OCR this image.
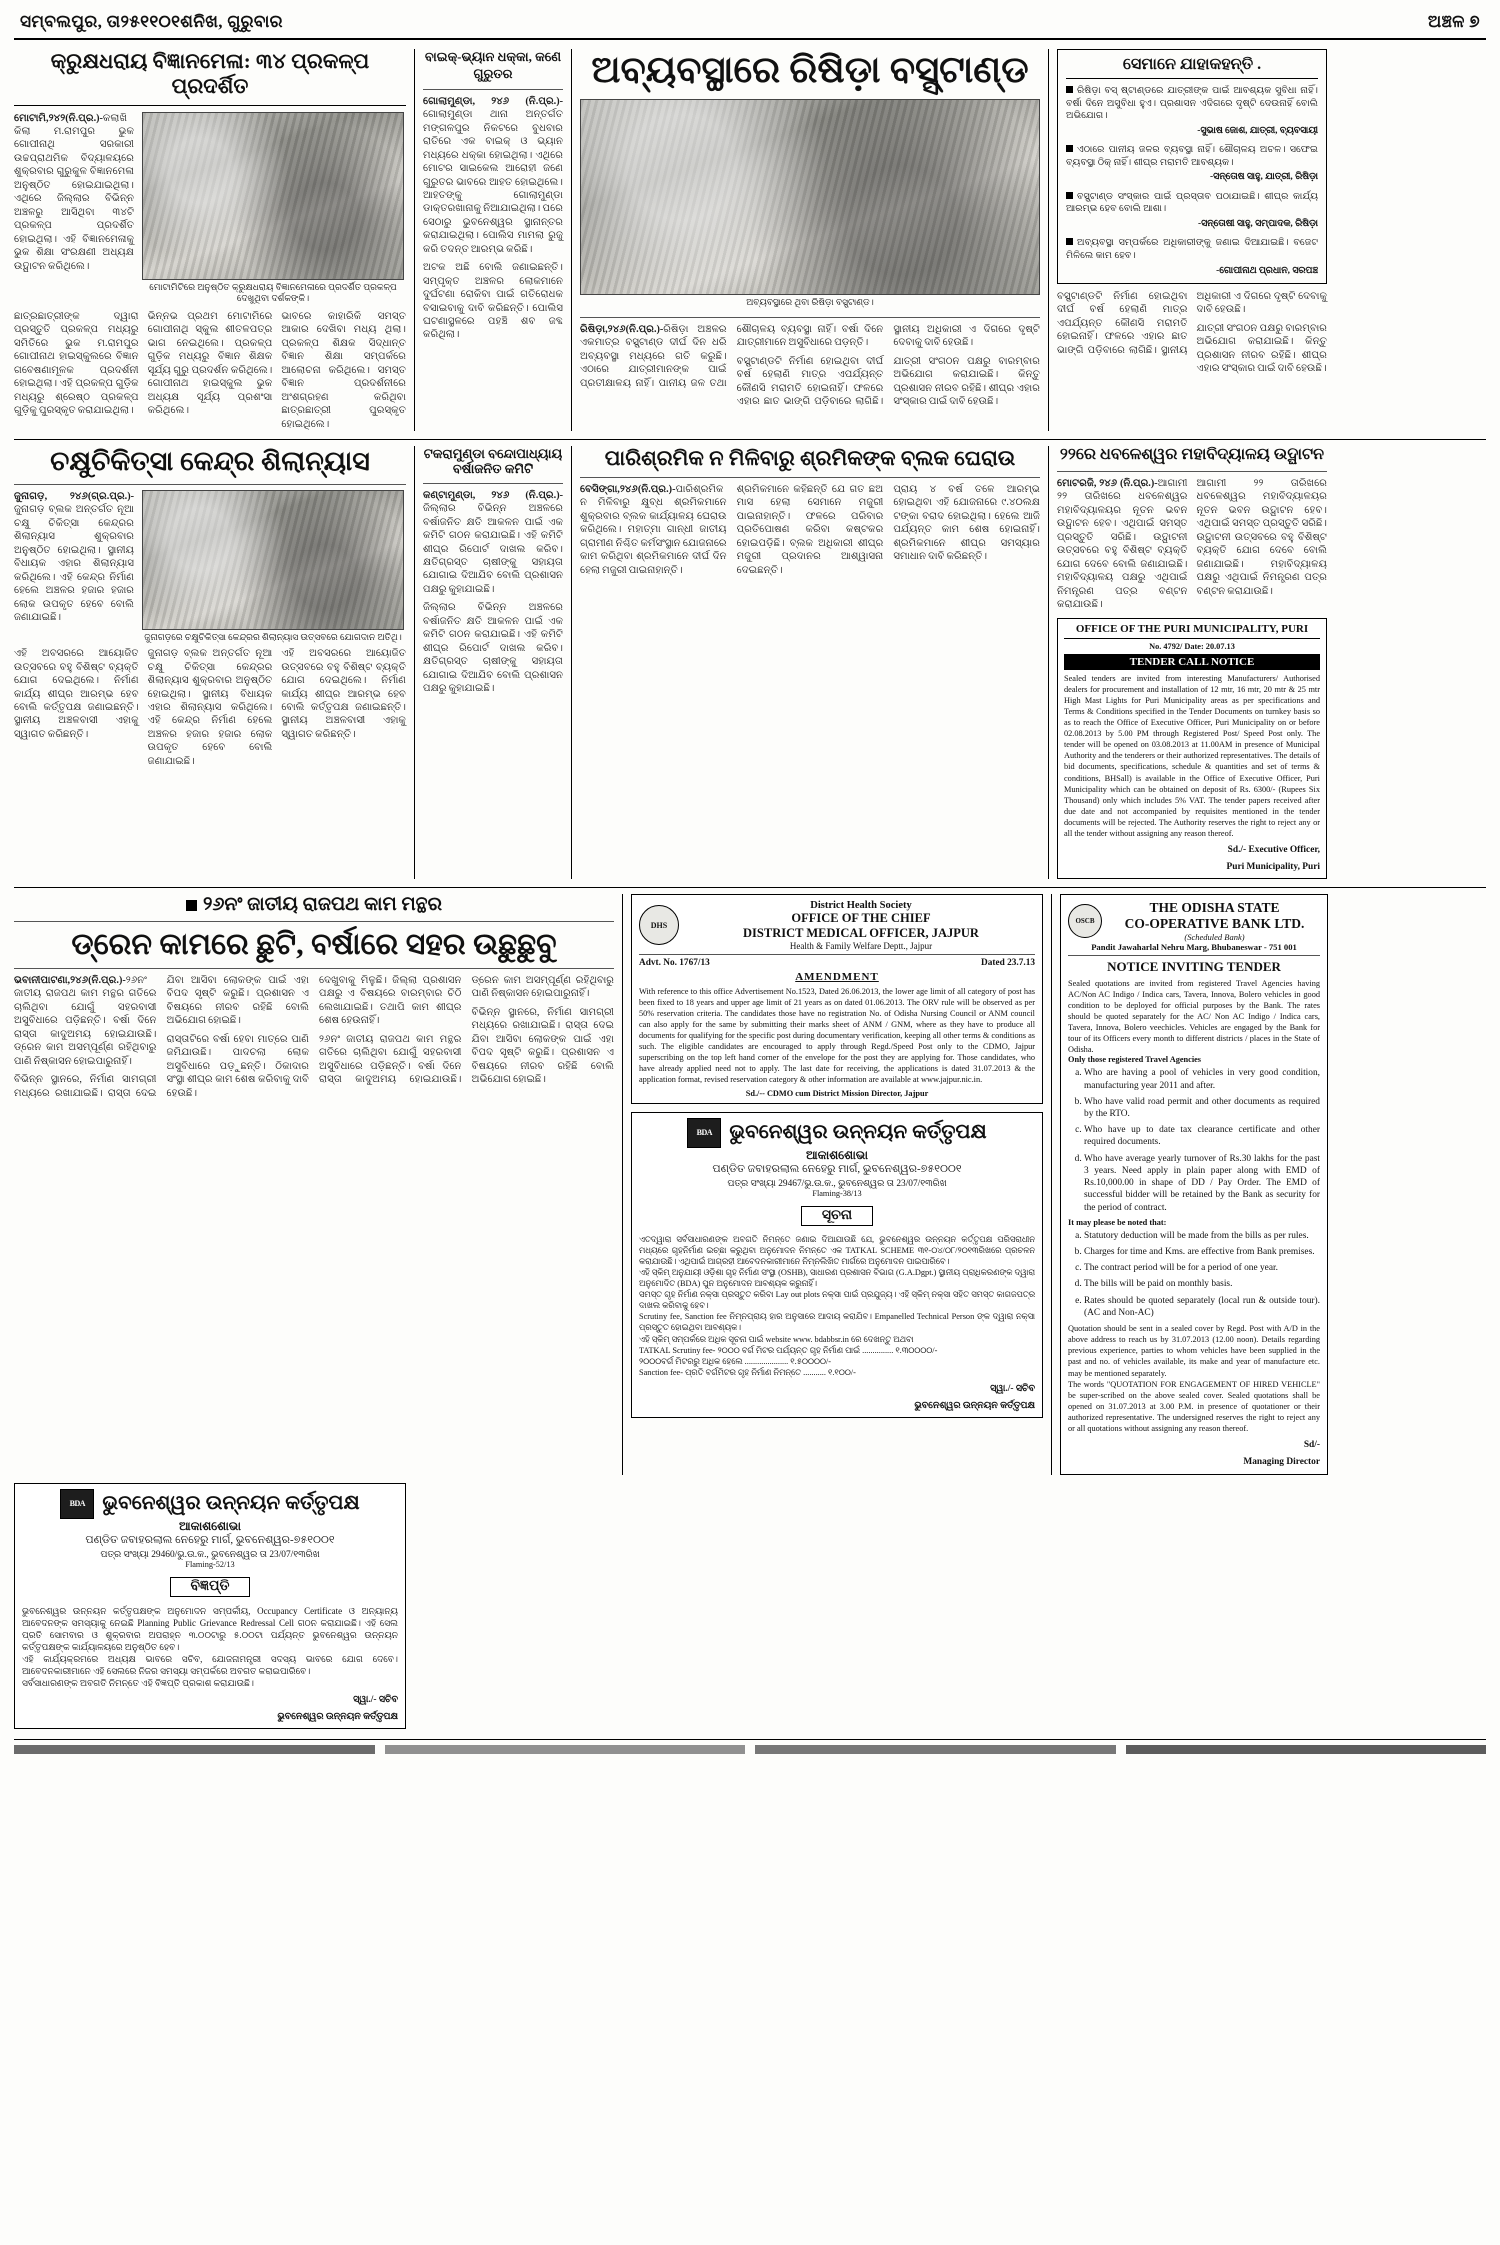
ସମ୍ବଲପୁର, ତା୨୫୧୧୦୧ଶନିଖ, ଗୁରୁବାର	ଅଞ୍ଚଳ ୭
କ୍ରୁକ୍ଷଧରାୟ ବିଜ୍ଞାନମେଳା: ୩୪ ପ୍ରକଳ୍ପ ପ୍ରଦର୍ଶିତ

ମୋଟାମି,୨୪୨(ନି.ପ୍ର.)-କଲାଖି କିଲା ମ.ରାମପୁର ଭୁକ ଗୋପୀନାଥି ସରକାରୀ ଉଚ୍ଚପ୍ରାଥମିକ ବିଦ୍ୟାଳୟରେ ଶୁକ୍ରବାର ଗୁରୁକୁଳ ବିଜ୍ଞାନମେଳା ଅନୁଷ୍ଠିତ ହୋଇଯାଇଥିଲା। ଏଥିରେ ଜିଲ୍ଲାର ବିଭିନ୍ନ ଅଞ୍ଚଳରୁ ଆସିଥିବା ୩୪ଟି ପ୍ରକଳ୍ପ ପ୍ରଦର୍ଶିତ ହୋଇଥିଲା। ଏହି ବିଜ୍ଞାନମେଳାକୁ ଭୁକ ଶିକ୍ଷା ସଂରକ୍ଷଣୀ ଅଧ୍ୟକ୍ଷ ଉଦ୍ଘାଟନ କରିଥିଲେ।

ମୋଟାମିଟିରେ ଅନୁଷ୍ଠିତ କ୍ରୁକ୍ଷଧରାୟ ବିଜ୍ଞାନମେଳାରେ ପ୍ରଦର୍ଶିତ ପ୍ରକଳ୍ପ ଦେଖୁଥିବା ଦର୍ଶକଙ୍କି।

ଛାତ୍ରଛାତ୍ରୀଙ୍କ ଦ୍ୱାରା ପ୍ରସ୍ତୁତି ପ୍ରକଳ୍ପ ମଧ୍ୟରୁ ସମିତିରେ ଭୁକ ମ.ରାମପୁର ଗୋପୀନାଥ ହାଇସ୍କୁଲରେ ବିଜ୍ଞାନ ଗବେଷଣାମୂଳକ ପ୍ରଦର୍ଶନୀ ହୋଇଥିଲା। ଏହି ପ୍ରକଳ୍ପ ଗୁଡ଼ିକ ମଧ୍ୟରୁ ଶ୍ରେଷ୍ଠ ପ୍ରକଳ୍ପ ଗୁଡ଼ିକୁ ପୁରସ୍କୃତ କରାଯାଇଥିଲା।

ଭିନ୍ନଭ ପ୍ରଥମ ମୋଟାମିରେ ଗୋପୀନାଥି ସ୍କୁଲ ଶୀତଳପତ୍ର ଭାଗ ନେଇଥିଲେ। ପ୍ରକଳ୍ପ ଗୁଡ଼ିକ ମଧ୍ୟରୁ ବିଜ୍ଞାନ ଶିକ୍ଷକ ସୂର୍ଯ୍ୟ ଗୁରୁ ପ୍ରଦର୍ଶନ କରିଥିଲେ। ଗୋପୀନାଥ ହାଇସ୍କୁଲ ଭୁକ ଅଧ୍ୟକ୍ଷ ସୂର୍ଯ୍ୟ ପ୍ରଶଂସା କରିଥିଲେ।

ଭାବରେ କାହାରିକି ସମସ୍ତ ଆକାର ଦେଖିବା ମଧ୍ୟ ଥିଲା। ପ୍ରକଳ୍ପ ଶିକ୍ଷକ ସିଦ୍ଧାନ୍ତ ବିଜ୍ଞାନ ଶିକ୍ଷା ସମ୍ପର୍କରେ ଆଲୋଚନା କରିଥିଲେ। ସମସ୍ତ ବିଜ୍ଞାନ ପ୍ରଦର୍ଶନୀରେ ଅଂଶଗ୍ରହଣ କରିଥିବା ଛାତ୍ରଛାତ୍ରୀ ପୁରସ୍କୃତ ହୋଇଥିଲେ।

ବାଇକ୍-ଭ୍ୟାନ ଧକ୍କା, କଣେ ଗୁରୁତର

ଗୋଲାମୁଣ୍ଡା, ୨୪୬ (ନି.ପ୍ର.)-ଗୋଲାମୁଣ୍ଡା ଥାନା ଅନ୍ତର୍ଗତ ମଙ୍ଗଳପୁର ନିକଟରେ ବୁଧବାର ରାତିରେ ଏକ ବାଇକ୍ ଓ ଭ୍ୟାନ ମଧ୍ୟରେ ଧକ୍କା ହୋଇଥିଲା। ଏଥିରେ ମୋଟର ସାଇକେଲ ଆରୋହୀ ଜଣେ ଗୁରୁତର ଭାବରେ ଆହତ ହୋଇଥିଲେ। ଆହତଙ୍କୁ ଗୋଲାମୁଣ୍ଡା ଡାକ୍ତରଖାନାକୁ ନିଆଯାଇଥିଲା। ପରେ ସେଠାରୁ ଭୁବନେଶ୍ୱର ସ୍ଥାନାନ୍ତର କରାଯାଇଥିଲା। ପୋଲିସ ମାମଲା ରୁଜୁ କରି ତଦନ୍ତ ଆରମ୍ଭ କରିଛି।

ଅଟକ ଅଛି ବୋଲି ଜଣାଇଛନ୍ତି। ସମ୍ପୃକ୍ତ ଅଞ୍ଚଳର ଲୋକମାନେ ଦୁର୍ଘଟଣା ରୋକିବା ପାଇଁ ଗତିରୋଧକ ବସାଇବାକୁ ଦାବି କରିଛନ୍ତି। ପୋଲିସ ଘଟଣାସ୍ଥଳରେ ପହଞ୍ଚି ଶବ ଜବ୍ଦ କରିଥିଲା।

ଅବ୍ୟବସ୍ଥାରେ ରିଷିଡ଼ା ବସ୍ସ୍ଟାଣ୍ଡ
ଅବ୍ୟବସ୍ଥାରେ ଥିବା ରିଷିଡ଼ା ବସ୍ସ୍ଟାଣ୍ଡ।

ରିଷିଡ଼ା,୨୪୬(ନି.ପ୍ର.)-ରିଷିଡ଼ା ଅଞ୍ଚଳର ଏକମାତ୍ର ବସ୍ସ୍ଟାଣ୍ଡ ଦୀର୍ଘ ଦିନ ଧରି ଅବ୍ୟବସ୍ଥା ମଧ୍ୟରେ ଗତି କରୁଛି। ଏଠାରେ ଯାତ୍ରୀମାନଙ୍କ ପାଇଁ ପ୍ରତୀକ୍ଷାଳୟ ନାହିଁ। ପାନୀୟ ଜଳ ତଥା ଶୌଚାଳୟ ବ୍ୟବସ୍ଥା ନାହିଁ। ବର୍ଷା ଦିନେ ଯାତ୍ରୀମାନେ ଅସୁବିଧାରେ ପଡ଼ନ୍ତି।

ବସ୍ସ୍ଟାଣ୍ଡଟି ନିର୍ମାଣ ହୋଇଥିବା ଦୀର୍ଘ ବର୍ଷ ହେଲାଣି ମାତ୍ର ଏପର୍ଯ୍ୟନ୍ତ କୌଣସି ମରାମତି ହୋଇନାହିଁ। ଫଳରେ ଏହାର ଛାତ ଭାଙ୍ଗି ପଡ଼ିବାରେ ଲାଗିଛି। ସ୍ଥାନୀୟ ଅଧିକାରୀ ଏ ଦିଗରେ ଦୃଷ୍ଟି ଦେବାକୁ ଦାବି ହେଉଛି।

ଯାତ୍ରୀ ସଂଗଠନ ପକ୍ଷରୁ ବାରମ୍ବାର ଅଭିଯୋଗ କରାଯାଇଛି। କିନ୍ତୁ ପ୍ରଶାସନ ନୀରବ ରହିଛି। ଶୀଘ୍ର ଏହାର ସଂସ୍କାର ପାଇଁ ଦାବି ହେଉଛି।

ସେମାନେ ଯାହାକହନ୍ତି .
ରିଷିଡ଼ା ବସ୍ ଷ୍ଟାଣ୍ଡରେ ଯାତ୍ରୀଙ୍କ ପାଇଁ ଆବଶ୍ୟକ ସୁବିଧା ନାହିଁ। ବର୍ଷା ଦିନେ ଅସୁବିଧା ହୁଏ। ପ୍ରଶାସନ ଏଦିଗରେ ଦୃଷ୍ଟି ଦେଉନାହିଁ ବୋଲି ଅଭିଯୋଗ।
-ସୁଭାଷ ଜୋଶ, ଯାତ୍ରୀ, ବ୍ୟବସାୟୀ
ଏଠାରେ ପାନୀୟ ଜଳର ବ୍ୟବସ୍ଥା ନାହିଁ। ଶୌଚାଳୟ ଅଚଳ। ସଫେଇ ବ୍ୟବସ୍ଥା ଠିକ୍ ନାହିଁ। ଶୀଘ୍ର ମରାମତି ଆବଶ୍ୟକ।
-ସନ୍ତୋଷ ସାହୁ, ଯାତ୍ରୀ, ରିଷିଡ଼ା
ବସ୍ସ୍ଟାଣ୍ଡ ସଂସ୍କାର ପାଇଁ ପ୍ରସ୍ତାବ ପଠାଯାଇଛି। ଶୀଘ୍ର କାର୍ଯ୍ୟ ଆରମ୍ଭ ହେବ ବୋଲି ଆଶା।
-ସନ୍ତୋଷୀ ସାହୁ, ସମ୍ପାଦକ, ରିଷିଡ଼ା
ଅବ୍ୟବସ୍ଥା ସମ୍ପର୍କରେ ଅଧିକାରୀଙ୍କୁ ଜଣାଇ ଦିଆଯାଇଛି। ବଜେଟ ମିଳିଲେ କାମ ହେବ।
-ଗୋପୀନାଥ ପ୍ରଧାନ, ସରପଞ୍ଚ

ବସ୍ସ୍ଟାଣ୍ଡଟି ନିର୍ମାଣ ହୋଇଥିବା ଦୀର୍ଘ ବର୍ଷ ହେଲାଣି ମାତ୍ର ଏପର୍ଯ୍ୟନ୍ତ କୌଣସି ମରାମତି ହୋଇନାହିଁ। ଫଳରେ ଏହାର ଛାତ ଭାଙ୍ଗି ପଡ଼ିବାରେ ଲାଗିଛି। ସ୍ଥାନୀୟ ଅଧିକାରୀ ଏ ଦିଗରେ ଦୃଷ୍ଟି ଦେବାକୁ ଦାବି ହେଉଛି।

ଯାତ୍ରୀ ସଂଗଠନ ପକ୍ଷରୁ ବାରମ୍ବାର ଅଭିଯୋଗ କରାଯାଇଛି। କିନ୍ତୁ ପ୍ରଶାସନ ନୀରବ ରହିଛି। ଶୀଘ୍ର ଏହାର ସଂସ୍କାର ପାଇଁ ଦାବି ହେଉଛି।

ଚକ୍ଷୁଚିକିତ୍ସା କେନ୍ଦ୍ର ଶିଲାନ୍ୟାସ

ଜୁନାଗଡ଼, ୨୪୬(ଗ୍ର.ପ୍ର.)-ଜୁନାଗଡ଼ ବ୍ଲକ ଅନ୍ତର୍ଗତ ନୂଆ ଚକ୍ଷୁ ଚିକିତ୍ସା କେନ୍ଦ୍ରର ଶିଲାନ୍ୟାସ ଶୁକ୍ରବାର ଅନୁଷ୍ଠିତ ହୋଇଥିଲା। ସ୍ଥାନୀୟ ବିଧାୟକ ଏହାର ଶିଲାନ୍ୟାସ କରିଥିଲେ। ଏହି କେନ୍ଦ୍ର ନିର୍ମାଣ ହେଲେ ଅଞ୍ଚଳର ହଜାର ହଜାର ଲୋକ ଉପକୃତ ହେବେ ବୋଲି ଜଣାଯାଇଛି।

ଜୁନାଗଡ଼ରେ ଚକ୍ଷୁଚିକିତ୍ସା କେନ୍ଦ୍ରର ଶିଲାନ୍ୟାସ ଉତ୍ସବରେ ଯୋଗଦାନ ଅତିଥି।

ଏହି ଅବସରରେ ଆୟୋଜିତ ଉତ୍ସବରେ ବହୁ ବିଶିଷ୍ଟ ବ୍ୟକ୍ତି ଯୋଗ ଦେଇଥିଲେ। ନିର୍ମାଣ କାର୍ଯ୍ୟ ଶୀଘ୍ର ଆରମ୍ଭ ହେବ ବୋଲି କର୍ତ୍ତୃପକ୍ଷ ଜଣାଇଛନ୍ତି। ସ୍ଥାନୀୟ ଅଞ୍ଚଳବାସୀ ଏହାକୁ ସ୍ୱାଗତ କରିଛନ୍ତି।

ଜୁନାଗଡ଼ ବ୍ଲକ ଅନ୍ତର୍ଗତ ନୂଆ ଚକ୍ଷୁ ଚିକିତ୍ସା କେନ୍ଦ୍ରର ଶିଲାନ୍ୟାସ ଶୁକ୍ରବାର ଅନୁଷ୍ଠିତ ହୋଇଥିଲା। ସ୍ଥାନୀୟ ବିଧାୟକ ଏହାର ଶିଲାନ୍ୟାସ କରିଥିଲେ। ଏହି କେନ୍ଦ୍ର ନିର୍ମାଣ ହେଲେ ଅଞ୍ଚଳର ହଜାର ହଜାର ଲୋକ ଉପକୃତ ହେବେ ବୋଲି ଜଣାଯାଇଛି।

ଏହି ଅବସରରେ ଆୟୋଜିତ ଉତ୍ସବରେ ବହୁ ବିଶିଷ୍ଟ ବ୍ୟକ୍ତି ଯୋଗ ଦେଇଥିଲେ। ନିର୍ମାଣ କାର୍ଯ୍ୟ ଶୀଘ୍ର ଆରମ୍ଭ ହେବ ବୋଲି କର୍ତ୍ତୃପକ୍ଷ ଜଣାଇଛନ୍ତି। ସ୍ଥାନୀୟ ଅଞ୍ଚଳବାସୀ ଏହାକୁ ସ୍ୱାଗତ କରିଛନ୍ତି।

ଟକରାମୁଣ୍ଡା ବନ୍ଦୋପାଧ୍ୟାୟ ବର୍ଷାଜନିତ କମିଟି

କଣ୍ଟାମୁଣ୍ଡା, ୨୪୬ (ନି.ପ୍ର.)-ଜିଲ୍ଲାର ବିଭିନ୍ନ ଅଞ୍ଚଳରେ ବର୍ଷାଜନିତ କ୍ଷତି ଆକଳନ ପାଇଁ ଏକ କମିଟି ଗଠନ କରାଯାଇଛି। ଏହି କମିଟି ଶୀଘ୍ର ରିପୋର୍ଟ ଦାଖଲ କରିବ। କ୍ଷତିଗ୍ରସ୍ତ ଚାଷୀଙ୍କୁ ସହାୟତା ଯୋଗାଇ ଦିଆଯିବ ବୋଲି ପ୍ରଶାସନ ପକ୍ଷରୁ କୁହାଯାଇଛି।

ଜିଲ୍ଲାର ବିଭିନ୍ନ ଅଞ୍ଚଳରେ ବର୍ଷାଜନିତ କ୍ଷତି ଆକଳନ ପାଇଁ ଏକ କମିଟି ଗଠନ କରାଯାଇଛି। ଏହି କମିଟି ଶୀଘ୍ର ରିପୋର୍ଟ ଦାଖଲ କରିବ। କ୍ଷତିଗ୍ରସ୍ତ ଚାଷୀଙ୍କୁ ସହାୟତା ଯୋଗାଇ ଦିଆଯିବ ବୋଲି ପ୍ରଶାସନ ପକ୍ଷରୁ କୁହାଯାଇଛି।

ପାରିଶ୍ରମିକ ନ ମିଳିବାରୁ ଶ୍ରମିକଙ୍କ ବ୍ଲକ ଘେରାଉ

ବେସିଙ୍ଗା,୨୪୬(ନି.ପ୍ର.)-ପାରିଶ୍ରମିକ ନ ମିଳିବାରୁ କ୍ଷୁବ୍ଧ ଶ୍ରମିକମାନେ ଶୁକ୍ରବାର ବ୍ଲକ କାର୍ଯ୍ୟାଳୟ ଘେରାଉ କରିଥିଲେ। ମହାତ୍ମା ଗାନ୍ଧୀ ଜାତୀୟ ଗ୍ରାମୀଣ ନିଶ୍ଚିତ କର୍ମସଂସ୍ଥାନ ଯୋଜନାରେ କାମ କରିଥିବା ଶ୍ରମିକମାନେ ଦୀର୍ଘ ଦିନ ହେଲା ମଜୁରୀ ପାଇନାହାନ୍ତି।

ଶ୍ରମିକମାନେ କହିଛନ୍ତି ଯେ ଗତ ଛଅ ମାସ ହେଲା ସେମାନେ ମଜୁରୀ ପାଇନାହାନ୍ତି। ଫଳରେ ପରିବାର ପ୍ରତିପୋଷଣ କରିବା କଷ୍ଟକର ହୋଇପଡ଼ିଛି। ବ୍ଲକ ଅଧିକାରୀ ଶୀଘ୍ର ମଜୁରୀ ପ୍ରଦାନର ଆଶ୍ୱାସନା ଦେଇଛନ୍ତି।

ପ୍ରାୟ ୪ ବର୍ଷ ତଳେ ଆରମ୍ଭ ହୋଇଥିବା ଏହି ଯୋଜନାରେ ୯.୪୦ଲକ୍ଷ ଟଙ୍କା ବରାଦ ହୋଇଥିଲା। ହେଲେ ଆଜି ପର୍ଯ୍ୟନ୍ତ କାମ ଶେଷ ହୋଇନାହିଁ। ଶ୍ରମିକମାନେ ଶୀଘ୍ର ସମସ୍ୟାର ସମାଧାନ ଦାବି କରିଛନ୍ତି।

୨୨ରେ ଧବଳେଶ୍ୱର ମହାବିଦ୍ୟାଳୟ ଉଦ୍ଘାଟନ

ମୋଟରଜି, ୨୪୬ (ନି.ପ୍ର.)-ଆଗାମୀ ୨୨ ତାରିଖରେ ଧବଳେଶ୍ୱର ମହାବିଦ୍ୟାଳୟର ନୂତନ ଭବନ ଉଦ୍ଘାଟନ ହେବ। ଏଥିପାଇଁ ସମସ୍ତ ପ୍ରସ୍ତୁତି ସରିଛି। ଉଦ୍ଘାଟନୀ ଉତ୍ସବରେ ବହୁ ବିଶିଷ୍ଟ ବ୍ୟକ୍ତି ଯୋଗ ଦେବେ ବୋଲି ଜଣାଯାଇଛି। ମହାବିଦ୍ୟାଳୟ ପକ୍ଷରୁ ଏଥିପାଇଁ ନିମନ୍ତ୍ରଣ ପତ୍ର ବଣ୍ଟନ କରାଯାଉଛି।

ଆଗାମୀ ୨୨ ତାରିଖରେ ଧବଳେଶ୍ୱର ମହାବିଦ୍ୟାଳୟର ନୂତନ ଭବନ ଉଦ୍ଘାଟନ ହେବ। ଏଥିପାଇଁ ସମସ୍ତ ପ୍ରସ୍ତୁତି ସରିଛି। ଉଦ୍ଘାଟନୀ ଉତ୍ସବରେ ବହୁ ବିଶିଷ୍ଟ ବ୍ୟକ୍ତି ଯୋଗ ଦେବେ ବୋଲି ଜଣାଯାଇଛି। ମହାବିଦ୍ୟାଳୟ ପକ୍ଷରୁ ଏଥିପାଇଁ ନିମନ୍ତ୍ରଣ ପତ୍ର ବଣ୍ଟନ କରାଯାଉଛି।

OFFICE OF THE PURI MUNICIPALITY, PURI
No. 4792/ Date: 20.07.13
TENDER CALL NOTICE
Sealed tenders are invited from interesting Manufacturers/ Authorised dealers for procurement and installation of 12 mtr, 16 mtr, 20 mtr & 25 mtr High Mast Lights for Puri Municipality areas as per specifications and Terms & Conditions specified in the Tender Documents on turnkey basis so as to reach the Office of Executive Officer, Puri Municipality on or before 02.08.2013 by 5.00 PM through Registered Post/ Speed Post only. The tender will be opened on 03.08.2013 at 11.00AM in presence of Municipal Authority and the tenderers or their authorized representatives. The details of bid documents, specifications, schedule & quantities and set of terms & conditions, BHSall) is available in the Office of Executive Officer, Puri Municipality which can be obtained on deposit of Rs. 6300/- (Rupees Six Thousand) only which includes 5% VAT. The tender papers received after due date and not accompanied by requisites mentioned in the tender documents will be rejected. The Authority reserves the right to reject any or all the tender without assigning any reason thereof.
Sd./- Executive Officer,
Puri Municipality, Puri
୨୬ନଂ ଜାତୀୟ ରାଜପଥ କାମ ମନ୍ଥର
ଡ୍ରେନ କାମରେ ଛୁଟି, ବର୍ଷାରେ ସହର ଉଛୁଛୁବୁ

ଭବାନୀପାଟଣା,୨୪୬(ନି.ପ୍ର.)-୨୬ନଂ ଜାତୀୟ ରାଜପଥ କାମ ମନ୍ଥର ଗତିରେ ଚାଲିଥିବା ଯୋଗୁଁ ସହରବାସୀ ଅସୁବିଧାରେ ପଡ଼ିଛନ୍ତି। ବର୍ଷା ଦିନେ ରାସ୍ତା କାଦୁଅମୟ ହୋଇଯାଉଛି। ଡ୍ରେନ କାମ ଅସମ୍ପୂର୍ଣ୍ଣ ରହିଥିବାରୁ ପାଣି ନିଷ୍କାସନ ହୋଇପାରୁନାହିଁ।

ବିଭିନ୍ନ ସ୍ଥାନରେ, ନିର୍ମାଣ ସାମଗ୍ରୀ ମଧ୍ୟରେ ରଖାଯାଇଛି। ରାସ୍ତା ଦେଇ ଯିବା ଆସିବା ଲୋକଙ୍କ ପାଇଁ ଏହା ବିପଦ ସୃଷ୍ଟି କରୁଛି। ପ୍ରଶାସନ ଏ ବିଷୟରେ ନୀରବ ରହିଛି ବୋଲି ଅଭିଯୋଗ ହୋଇଛି।

ରାସ୍ତାଟିରେ ବର୍ଷା ହେବା ମାତ୍ରେ ପାଣି ଜମିଯାଉଛି। ପାଦଚଲା ଲୋକ ଅସୁବିଧାରେ ପଡ଼ୁଛନ୍ତି। ଠିକାଦାର ସଂସ୍ଥା ଶୀଘ୍ର କାମ ଶେଷ କରିବାକୁ ଦାବି ହେଉଛି।

ଦେଖୁବାକୁ ମିଳୁଛି। ଜିଲ୍ଲା ପ୍ରଶାସନ ପକ୍ଷରୁ ଏ ବିଷୟରେ ବାରମ୍ବାର ଚିଠି ଲେଖାଯାଇଛି। ତଥାପି କାମ ଶୀଘ୍ର ଶେଷ ହେଉନାହିଁ।

୨୬ନଂ ଜାତୀୟ ରାଜପଥ କାମ ମନ୍ଥର ଗତିରେ ଚାଲିଥିବା ଯୋଗୁଁ ସହରବାସୀ ଅସୁବିଧାରେ ପଡ଼ିଛନ୍ତି। ବର୍ଷା ଦିନେ ରାସ୍ତା କାଦୁଅମୟ ହୋଇଯାଉଛି। ଡ୍ରେନ କାମ ଅସମ୍ପୂର୍ଣ୍ଣ ରହିଥିବାରୁ ପାଣି ନିଷ୍କାସନ ହୋଇପାରୁନାହିଁ।

ବିଭିନ୍ନ ସ୍ଥାନରେ, ନିର୍ମାଣ ସାମଗ୍ରୀ ମଧ୍ୟରେ ରଖାଯାଇଛି। ରାସ୍ତା ଦେଇ ଯିବା ଆସିବା ଲୋକଙ୍କ ପାଇଁ ଏହା ବିପଦ ସୃଷ୍ଟି କରୁଛି। ପ୍ରଶାସନ ଏ ବିଷୟରେ ନୀରବ ରହିଛି ବୋଲି ଅଭିଯୋଗ ହୋଇଛି।

DHS
District Health Society
OFFICE OF THE CHIEF
DISTRICT MEDICAL OFFICER, JAJPUR
Health & Family Welfare Deptt., Jajpur
Advt. No. 1767/13	Dated 23.7.13
AMENDMENT
With reference to this office Advertisement No.1523, Dated 26.06.2013, the lower age limit of all category of post has been fixed to 18 years and upper age limit of 21 years as on dated 01.06.2013. The ORV rule will be observed as per 50% reservation criteria. The candidates those have no registration No. of Odisha Nursing Council or ANM council can also apply for the same by submitting their marks sheet of ANM / GNM, where as they have to produce all documents for qualifying for the specific post during documentary verification, keeping all other terms & conditions as such. The eligible candidates are encouraged to apply through Regd./Speed Post only to the CDMO, Jajpur superscribing on the top left hand corner of the envelope for the post they are applying for. Those candidates, who have already applied need not to apply. The last date for receiving, the applications is dated 31.07.2013 & the application format, revised reservation category & other information are available at www.jajpur.nic.in.
Sd./-- CDMO cum District Mission Director, Jajpur
BDA ଭୁବନେଶ୍ୱର ଉନ୍ନୟନ କର୍ତ୍ତୃପକ୍ଷ
ଆକାଶଶୋଭା
ପଣ୍ଡିତ ଜବାହରଲାଲ ନେହେରୁ ମାର୍ଗ, ଭୁବନେଶ୍ୱର-୭୫୧୦୦୧
ପତ୍ର ସଂଖ୍ୟା 29467/ଭୁ.ଉ.କ., ଭୁବନେଶ୍ୱର ତା 23/07/୧୩ରିଖ
Flaming-38/13
ସୂଚନା
ଏତଦ୍ୱାରା ସର୍ବସାଧାରଣଙ୍କ ଅବଗତି ନିମନ୍ତେ ଜଣାଇ ଦିଆଯାଉଛି ଯେ, ଭୁବନେଶ୍ୱର ଉନ୍ନୟନ କର୍ତ୍ତୃପକ୍ଷ ପରିସରାଧୀନ ମଧ୍ୟରେ ଗୃହନିର୍ମାଣ ଇଚ୍ଛା କରୁଥିବା ଅନୁମୋଦନ ନିମନ୍ତେ ଏକ TATKAL SCHEME ୩୧-୦୪/୦୮/୨୦୧୩ରିଖରେ ପ୍ରଚଳନ କରାଯାଉଛି। ଏଥିପାଇଁ ଆଗ୍ରହୀ ଆବେଦନକାରୀମାନେ ନିମ୍ନଲିଖିତ ମାର୍ଗରେ ଅନୁମୋଦନ ପାଇପାରିବେ।
ଏହି ସ୍କିମ୍ ଅନୁଯାୟୀ ଓଡ଼ିଶା ଗୃହ ନିର୍ମାଣ ସଂସ୍ଥା (OSHB), ସାଧାରଣ ପ୍ରଶାସନ ବିଭାଗ (G.A.Dgpt.) ସ୍ଥାନୀୟ ପ୍ରାଧିକରଣଙ୍କ ଦ୍ୱାରା ଅନୁମୋଦିତ (BDA) ପୁନ ଅନୁମୋଦନ ଆବଶ୍ୟକ କରୁନାହିଁ।
ସମସ୍ତ ଗୃହ ନିର୍ମାଣ ନକ୍ସା ପ୍ରସ୍ତୁତ କରିବା Lay out plots ନକ୍ସା ପାଇଁ ପ୍ରଯୁଜ୍ୟ। ଏହି ସ୍କିମ୍ ନକ୍ସା ସହିତ ସମସ୍ତ କାଗଜପତ୍ର ଦାଖଲ କରିବାକୁ ହେବ।
Scrutiny fee, Sanction fee ନିମ୍ନପ୍ରାୟ ହାର ଅନୁସାରେ ଆଦାୟ କରାଯିବ। Empanelled Technical Person ଙ୍କ ଦ୍ୱାରା ନକ୍ସା ପ୍ରସ୍ତୁତ ହୋଇଥିବା ଆବଶ୍ୟକ।
ଏହି ସ୍କିମ୍ ସମ୍ପର୍କରେ ଅଧିକ ସୂଚନା ପାଇଁ website www. bdabbsr.in ରେ ଦେଖନ୍ତୁ ଅଥବା
TATKAL Scrutiny fee- ୨୦୦୦ ବର୍ଗ ମିଟର ପର୍ଯ୍ୟନ୍ତ ଗୃହ ନିର୍ମାଣ ପାଇଁ ............... ୧.୩୦୦୦୦/-
୨୦୦୦ବର୍ଗ ମିଟରରୁ ଅଧିକ ହେଲେ ..................... ୧.୫୦୦୦୦/-
Sanction fee- ପ୍ରତି ବର୍ଗମିଟର ଗୃହ ନିର୍ମାଣ ନିମନ୍ତେ ........... ୧.୧୦୦/-
ସ୍ୱା./- ସଚିବ
ଭୁବନେଶ୍ୱର ଉନ୍ନୟନ କର୍ତ୍ତୃପକ୍ଷ
OSCB
THE ODISHA STATE
CO-OPERATIVE BANK LTD.
(Scheduled Bank)
Pandit Jawaharlal Nehru Marg, Bhubaneswar - 751 001
NOTICE INVITING TENDER
Sealed quotations are invited from registered Travel Agencies having AC/Non AC Indigo / Indica cars, Tavera, Innova, Bolero vehicles in good condition to be deployed for official purposes by the Bank. The rates should be quoted separately for the AC/ Non AC Indigo / Indica cars, Tavera, Innova, Bolero veechicles. Vehicles are engaged by the Bank for tour of its Officers every month to different districts / places in the State of Odisha.
Only those registered Travel Agencies
a. Who are having a pool of vehicles in very good condition, manufacturing year 2011 and after.
b. Who have valid road permit and other documents as required by the RTO.
c. Who have up to date tax clearance certificate and other required documents.
d. Who have average yearly turnover of Rs.30 lakhs for the past 3 years. Need apply in plain paper along with EMD of Rs.10,000.00 in shape of DD / Pay Order. The EMD of successful bidder will be retained by the Bank as security for the period of contract.
It may please be noted that:
a. Statutory deduction will be made from the bills as per rules.
b. Charges for time and Kms. are effective from Bank premises.
c. The contract period will be for a period of one year.
d. The bills will be paid on monthly basis.
e. Rates should be quoted separately (local run & outside tour). (AC and Non-AC)
Quotation should be sent in a sealed cover by Regd. Post with A/D in the above address to reach us by 31.07.2013 (12.00 noon). Details regarding previous experience, parties to whom vehicles have been supplied in the past and no. of vehicles available, its make and year of manufacture etc. may be mentioned separately.
The words "QUOTATION FOR ENGAGEMENT OF HIRED VEHICLE" be super-scribed on the above sealed cover. Sealed quotations shall be opened on 31.07.2013 at 3.00 P.M. in presence of quotationer or their authorized representative. The undersigned reserves the right to reject any or all quotations without assigning any reason thereof.
Sd/-
Managing Director
BDA ଭୁବନେଶ୍ୱର ଉନ୍ନୟନ କର୍ତ୍ତୃପକ୍ଷ
ଆକାଶଶୋଭା
ପଣ୍ଡିତ ଜବାହରଲାଲ ନେହେରୁ ମାର୍ଗ, ଭୁବନେଶ୍ୱର-୭୫୧୦୦୧
ପତ୍ର ସଂଖ୍ୟା 29460/ଭୁ.ଉ.କ., ଭୁବନେଶ୍ୱର ତା 23/07/୧୩ରିଖ
Flaming-52/13
ବିଜ୍ଞପ୍ତି
ଭୁବନେଶ୍ୱର ଉନ୍ନୟନ କର୍ତ୍ତୃପକ୍ଷଙ୍କ ଅନୁମୋଦନ ସମ୍ପର୍କୀୟ, Occupancy Certificate ଓ ଅନ୍ୟାନ୍ୟ ଆବେଦନଙ୍କ ସମସ୍ୟାକୁ ନେଇଛି Planning Public Grievance Redressal Cell ଗଠନ କରାଯାଇଛି। ଏହି ସେଲ ପ୍ରତି ସୋମବାର ଓ ଶୁକ୍ରବାର ଅପରାହ୍ନ ୩.୦୦ଟାରୁ ୫.୦୦ଟା ପର୍ଯ୍ୟନ୍ତ ଭୁବନେଶ୍ୱର ଉନ୍ନୟନ କର୍ତ୍ତୃପକ୍ଷଙ୍କ କାର୍ଯ୍ୟାଳୟରେ ଅନୁଷ୍ଠିତ ହେବ।
ଏହି କାର୍ଯ୍ୟକ୍ରମରେ ଅଧ୍ୟକ୍ଷ ଭାବରେ ସଚିବ, ଯୋଜନାମନ୍ତ୍ରୀ ସଦସ୍ୟ ଭାବରେ ଯୋଗ ଦେବେ। ଆବେଦନକାରୀମାନେ ଏହି ସେଲରେ ନିଜର ସମସ୍ୟା ସମ୍ପର୍କରେ ଅବଗତ କରାଇପାରିବେ।
ସର୍ବସାଧାରଣଙ୍କ ଅବଗତି ନିମନ୍ତେ ଏହି ବିଜ୍ଞପ୍ତି ପ୍ରକାଶ କରାଯାଉଛି।
ସ୍ୱା./- ସଚିବ
ଭୁବନେଶ୍ୱର ଉନ୍ନୟନ କର୍ତ୍ତୃପକ୍ଷ
